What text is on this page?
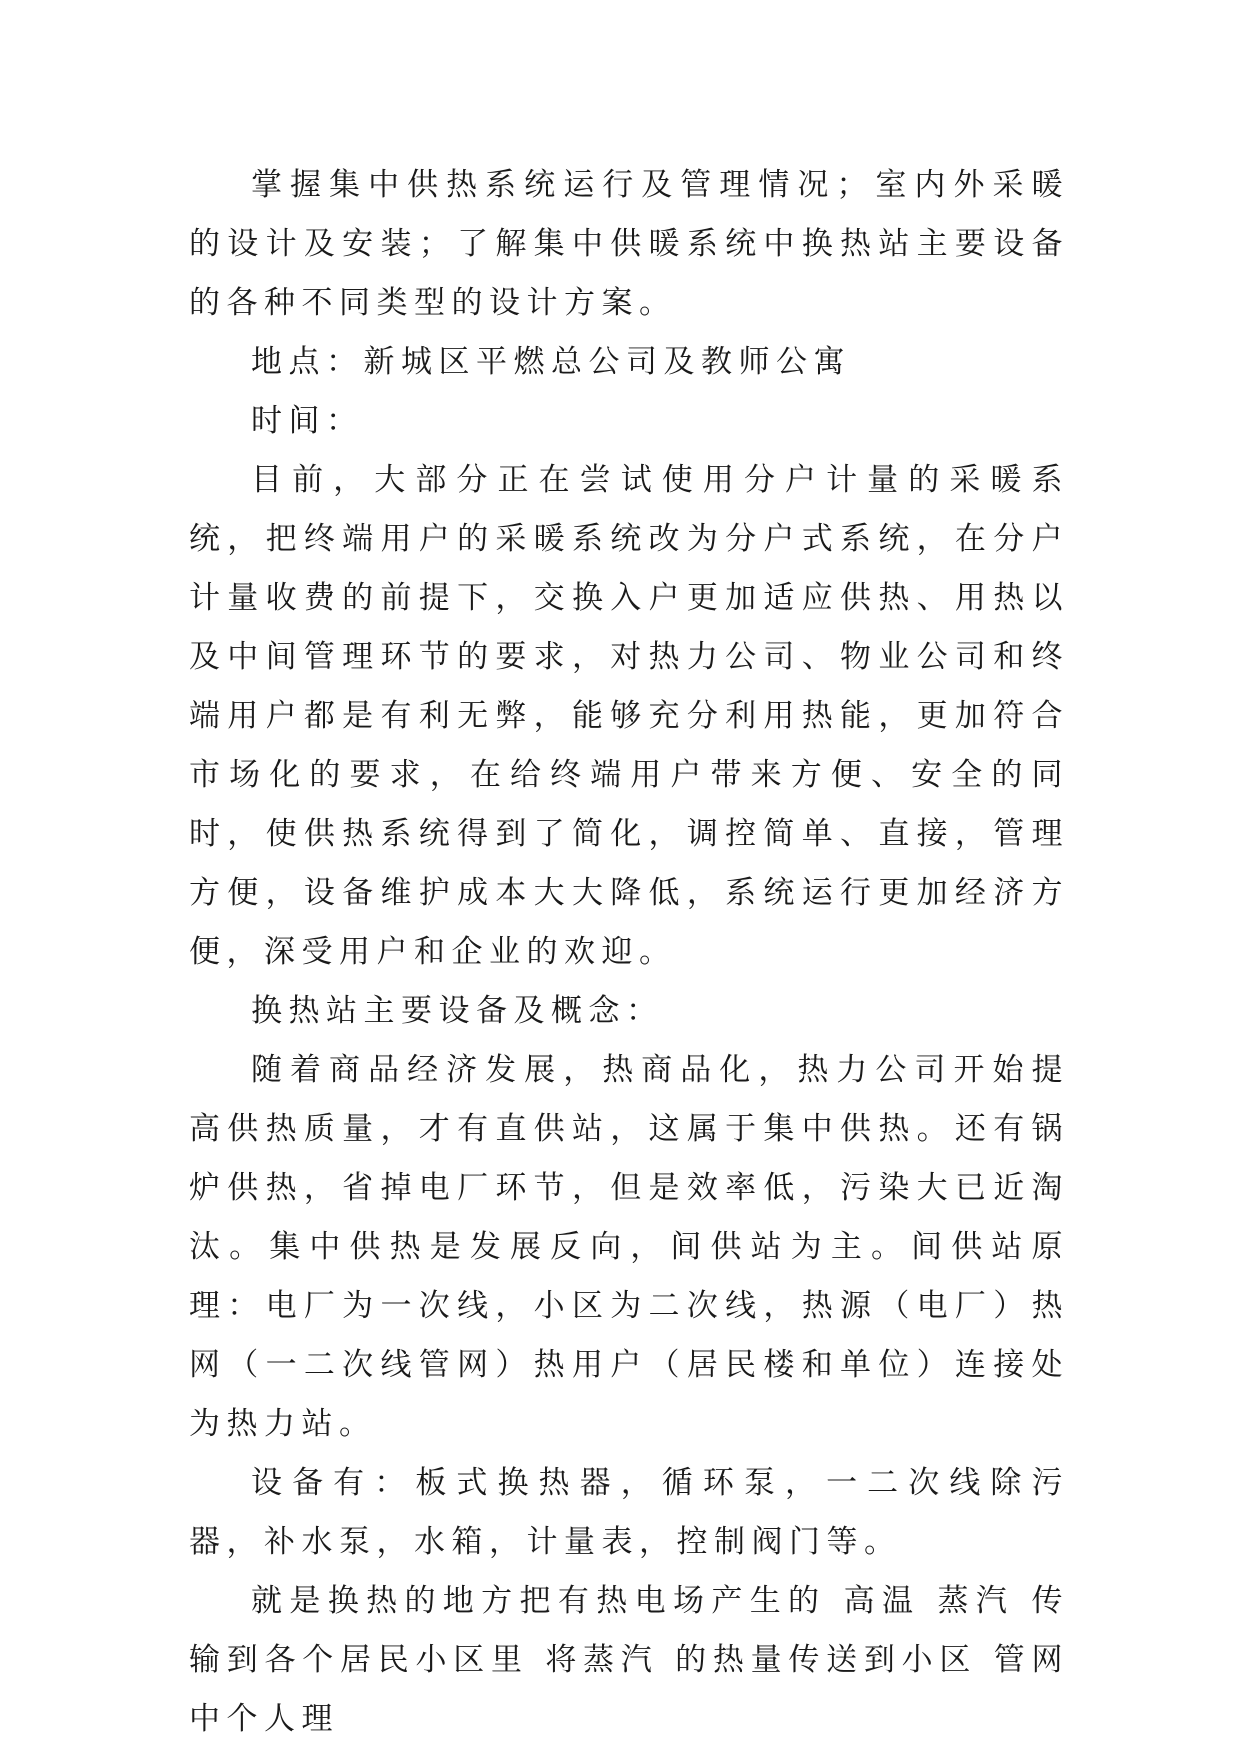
掌握集中供热系统运行及管理情况；室内外采暖的设计及安装；了解集中供暖系统中换热站主要设备的各种不同类型的设计方案。

地点：新城区平燃总公司及教师公寓

时间：

目前，大部分正在尝试使用分户计量的采暖系统，把终端用户的采暖系统改为分户式系统，在分户计量收费的前提下，交换入户更加适应供热、用热以及中间管理环节的要求，对热力公司、物业公司和终端用户都是有利无弊，能够充分利用热能，更加符合市场化的要求，在给终端用户带来方便、安全的同时，使供热系统得到了简化，调控简单、直接，管理方便，设备维护成本大大降低，系统运行更加经济方便，深受用户和企业的欢迎。

换热站主要设备及概念：

随着商品经济发展，热商品化，热力公司开始提高供热质量，才有直供站，这属于集中供热。还有锅炉供热，省掉电厂环节，但是效率低，污染大已近淘汰。集中供热是发展反向，间供站为主。间供站原理：电厂为一次线，小区为二次线，热源（电厂）热网（一二次线管网）热用户（居民楼和单位）连接处为热力站。

设备有：板式换热器，循环泵，一二次线除污器，补水泵，水箱，计量表，控制阀门等。

就是换热的地方把有热电场产生的 高温 蒸汽 传输到各个居民小区里 将蒸汽 的热量传送到小区 管网中个人理
